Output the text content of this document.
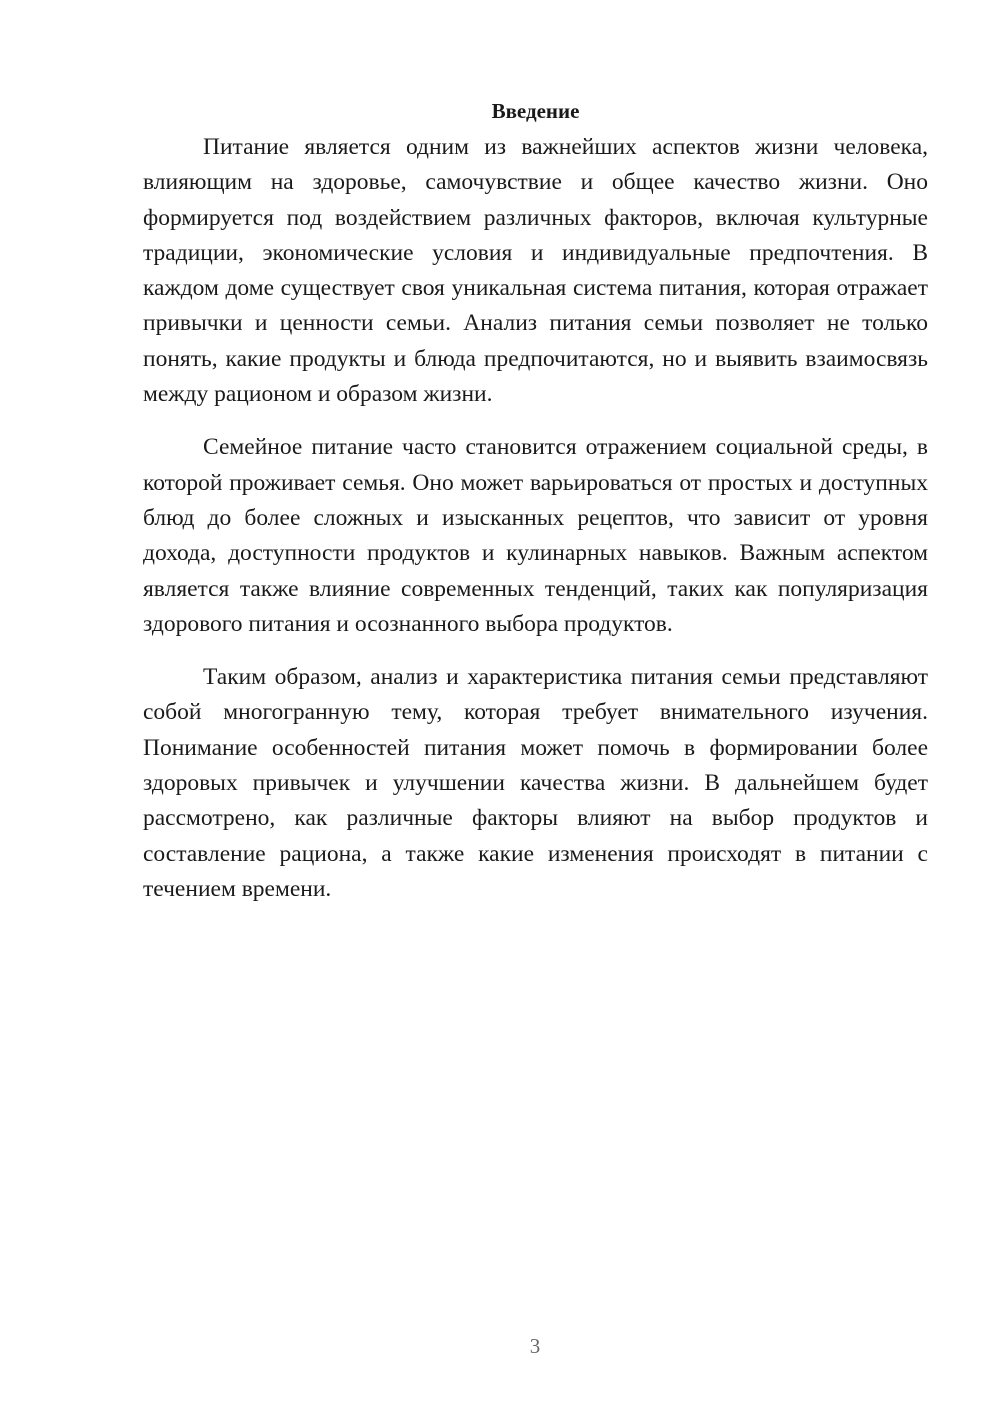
Введение

Питание является одним из важнейших аспектов жизни человека, влияющим на здоровье, самочувствие и общее качество жизни. Оно формируется под воздействием различных факторов, включая культурные традиции, экономические условия и индивидуальные предпочтения. В каждом доме существует своя уникальная система питания, которая отражает привычки и ценности семьи. Анализ питания семьи позволяет не только понять, какие продукты и блюда предпочитаются, но и выявить взаимосвязь между рационом и образом жизни.

Семейное питание часто становится отражением социальной среды, в которой проживает семья. Оно может варьироваться от простых и доступных блюд до более сложных и изысканных рецептов, что зависит от уровня дохода, доступности продуктов и кулинарных навыков. Важным аспектом является также влияние современных тенденций, таких как популяризация здорового питания и осознанного выбора продуктов.

Таким образом, анализ и характеристика питания семьи представляют собой многогранную тему, которая требует внимательного изучения. Понимание особенностей питания может помочь в формировании более здоровых привычек и улучшении качества жизни. В дальнейшем будет рассмотрено, как различные факторы влияют на выбор продуктов и составление рациона, а также какие изменения происходят в питании с течением времени.

3
